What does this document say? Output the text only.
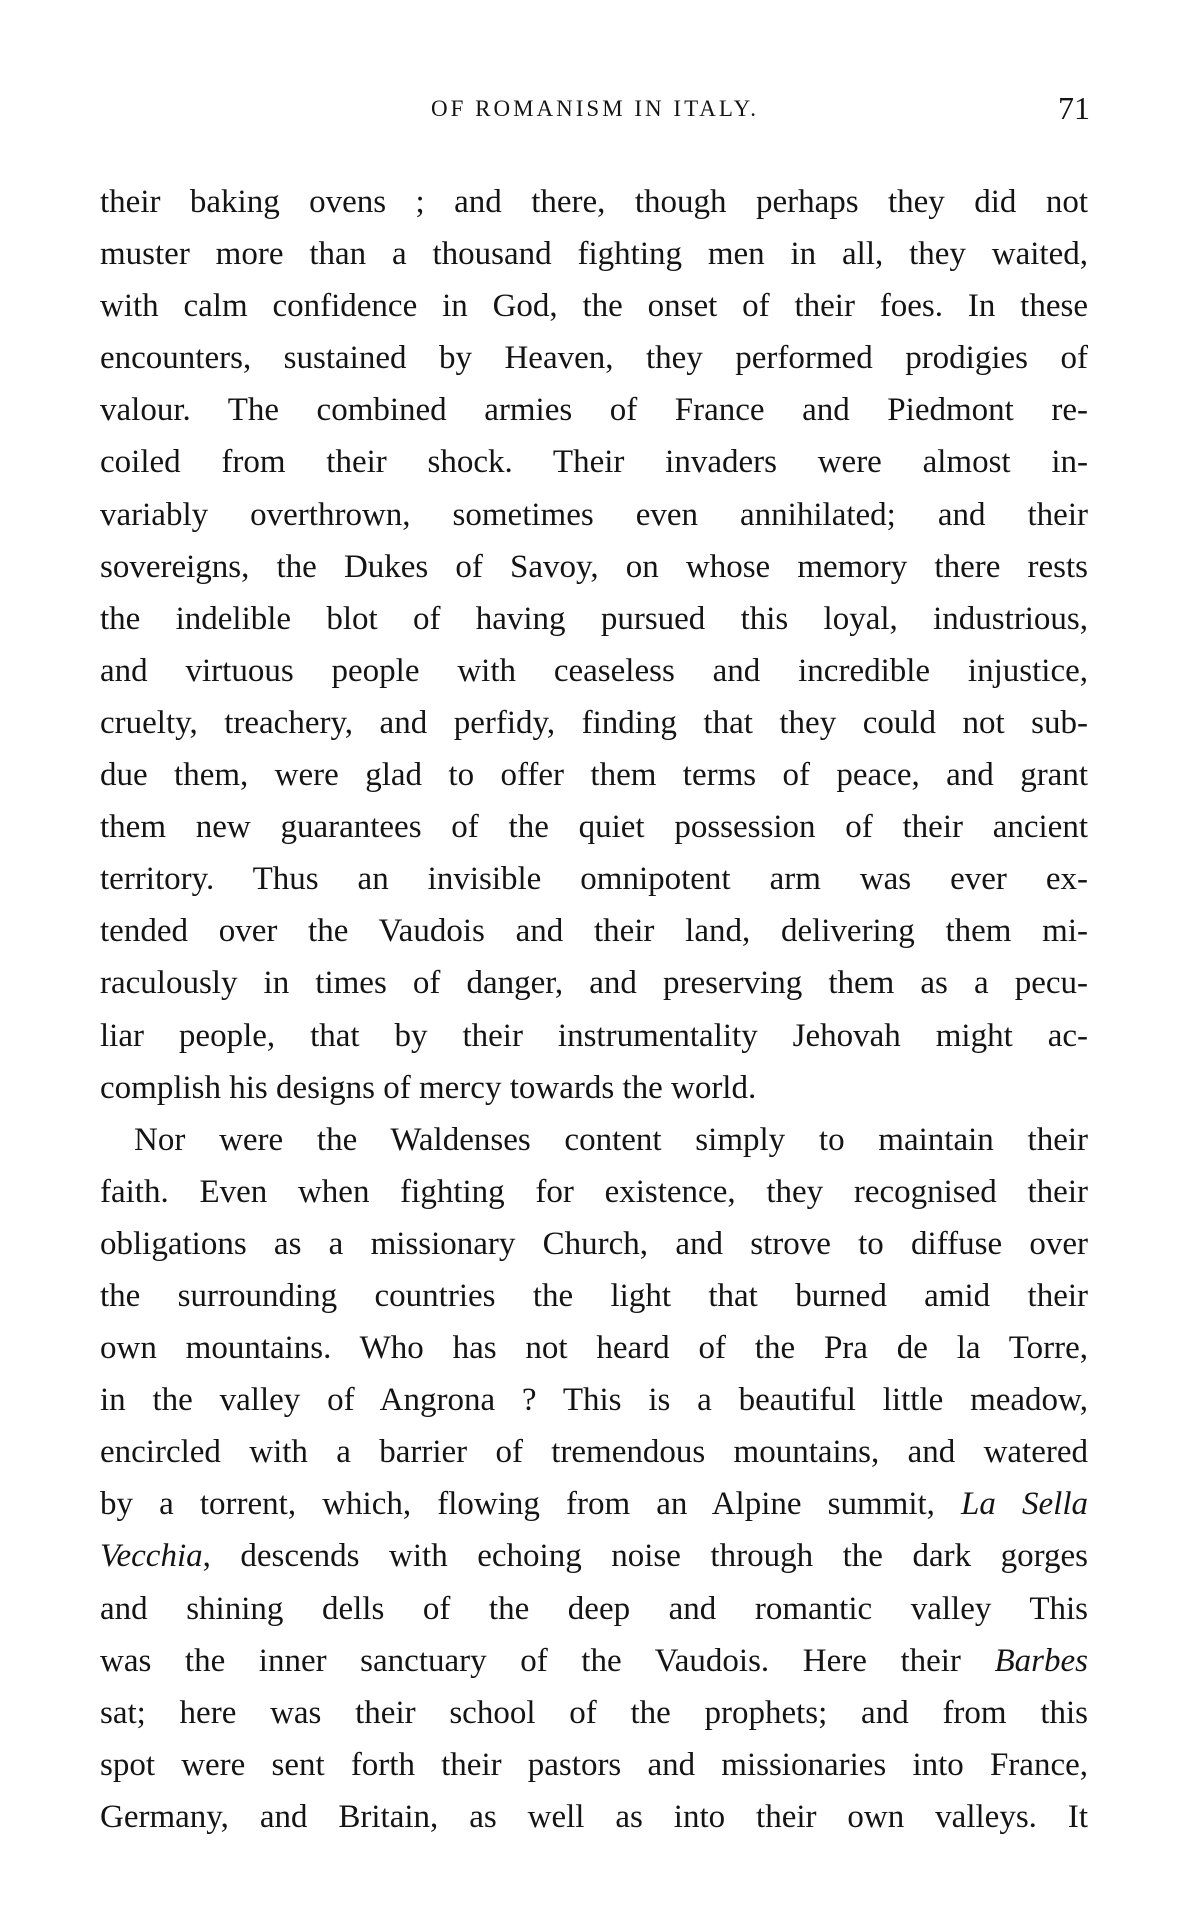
OF ROMANISM IN ITALY.	71
their baking ovens ; and there, though perhaps they did not
muster more than a thousand fighting men in all, they waited,
with calm confidence in God, the onset of their foes. In these
encounters, sustained by Heaven, they performed prodigies of
valour. The combined armies of France and Piedmont re-
coiled from their shock. Their invaders were almost in-
variably overthrown, sometimes even annihilated; and their
sovereigns, the Dukes of Savoy, on whose memory there rests
the indelible blot of having pursued this loyal, industrious,
and virtuous people with ceaseless and incredible injustice,
cruelty, treachery, and perfidy, finding that they could not sub-
due them, were glad to offer them terms of peace, and grant
them new guarantees of the quiet possession of their ancient
territory. Thus an invisible omnipotent arm was ever ex-
tended over the Vaudois and their land, delivering them mi-
raculously in times of danger, and preserving them as a pecu-
liar people, that by their instrumentality Jehovah might ac-
complish his designs of mercy towards the world.
Nor were the Waldenses content simply to maintain their
faith. Even when fighting for existence, they recognised their
obligations as a missionary Church, and strove to diffuse over
the surrounding countries the light that burned amid their
own mountains. Who has not heard of the Pra de la Torre,
in the valley of Angrona ? This is a beautiful little meadow,
encircled with a barrier of tremendous mountains, and watered
by a torrent, which, flowing from an Alpine summit, La Sella
Vecchia, descends with echoing noise through the dark gorges
and shining dells of the deep and romantic valley This
was the inner sanctuary of the Vaudois. Here their Barbes
sat; here was their school of the prophets; and from this
spot were sent forth their pastors and missionaries into France,
Germany, and Britain, as well as into their own valleys. It
